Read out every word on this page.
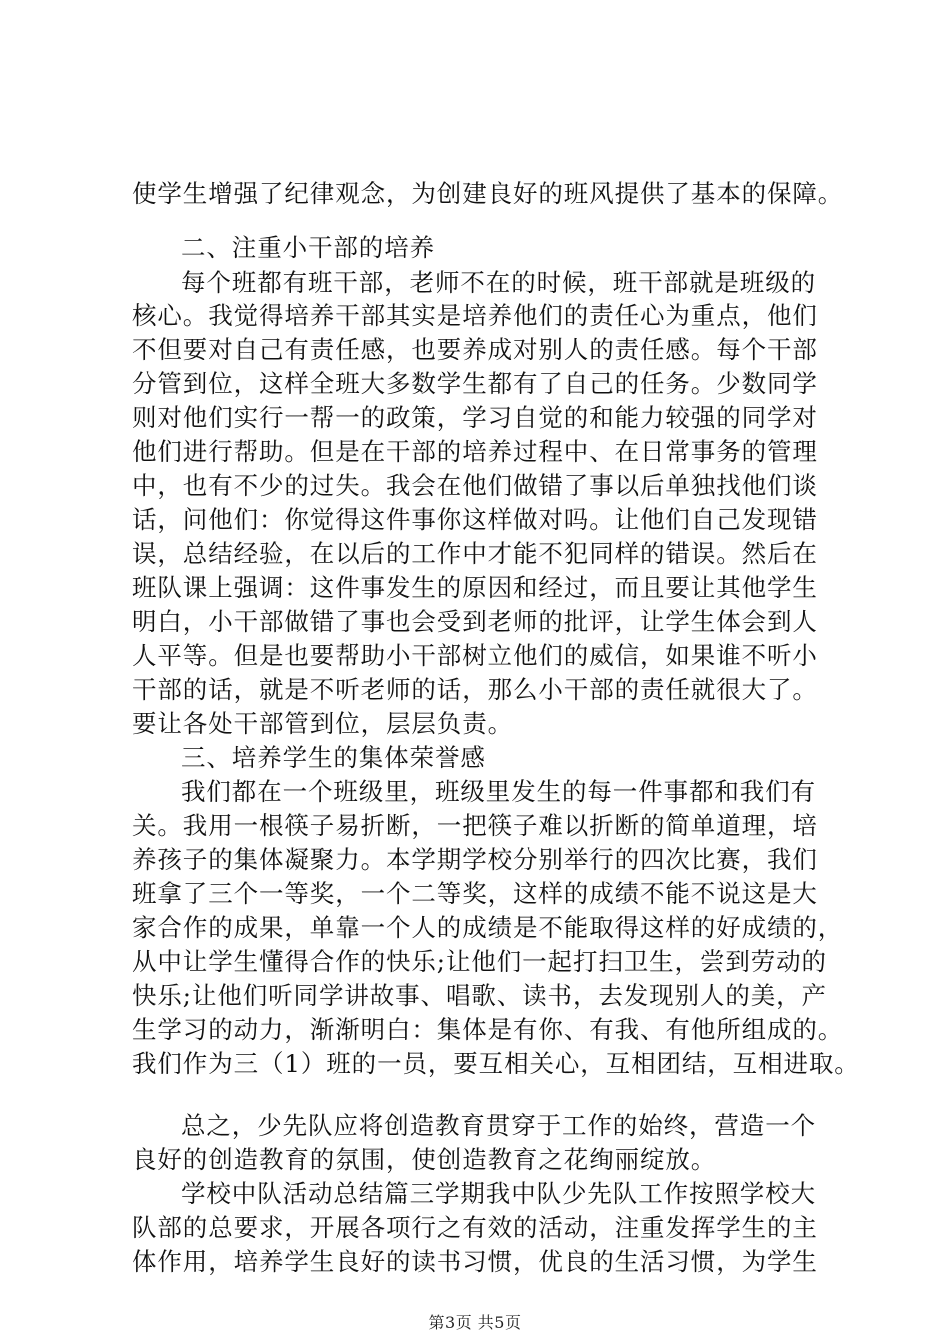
使学生增强了纪律观念，为创建良好的班风提供了基本的保障。
二、注重小干部的培养
每个班都有班干部，老师不在的时候，班干部就是班级的
核心。我觉得培养干部其实是培养他们的责任心为重点，他们
不但要对自己有责任感，也要养成对别人的责任感。每个干部
分管到位，这样全班大多数学生都有了自己的任务。少数同学
则对他们实行一帮一的政策，学习自觉的和能力较强的同学对
他们进行帮助。但是在干部的培养过程中、在日常事务的管理
中，也有不少的过失。我会在他们做错了事以后单独找他们谈
话，问他们：你觉得这件事你这样做对吗。让他们自己发现错
误，总结经验，在以后的工作中才能不犯同样的错误。然后在
班队课上强调：这件事发生的原因和经过，而且要让其他学生
明白，小干部做错了事也会受到老师的批评，让学生体会到人
人平等。但是也要帮助小干部树立他们的威信，如果谁不听小
干部的话，就是不听老师的话，那么小干部的责任就很大了。
要让各处干部管到位，层层负责。
三、培养学生的集体荣誉感
我们都在一个班级里，班级里发生的每一件事都和我们有
关。我用一根筷子易折断，一把筷子难以折断的简单道理，培
养孩子的集体凝聚力。本学期学校分别举行的四次比赛，我们
班拿了三个一等奖，一个二等奖，这样的成绩不能不说这是大
家合作的成果，单靠一个人的成绩是不能取得这样的好成绩的，
从中让学生懂得合作的快乐;让他们一起打扫卫生，尝到劳动的
快乐;让他们听同学讲故事、唱歌、读书，去发现别人的美，产
生学习的动力，渐渐明白：集体是有你、有我、有他所组成的。
我们作为三（1）班的一员，要互相关心，互相团结，互相进取。
总之，少先队应将创造教育贯穿于工作的始终，营造一个
良好的创造教育的氛围，使创造教育之花绚丽绽放。
学校中队活动总结篇三学期我中队少先队工作按照学校大
队部的总要求，开展各项行之有效的活动，注重发挥学生的主
体作用，培养学生良好的读书习惯，优良的生活习惯，为学生
第3页 共5页
